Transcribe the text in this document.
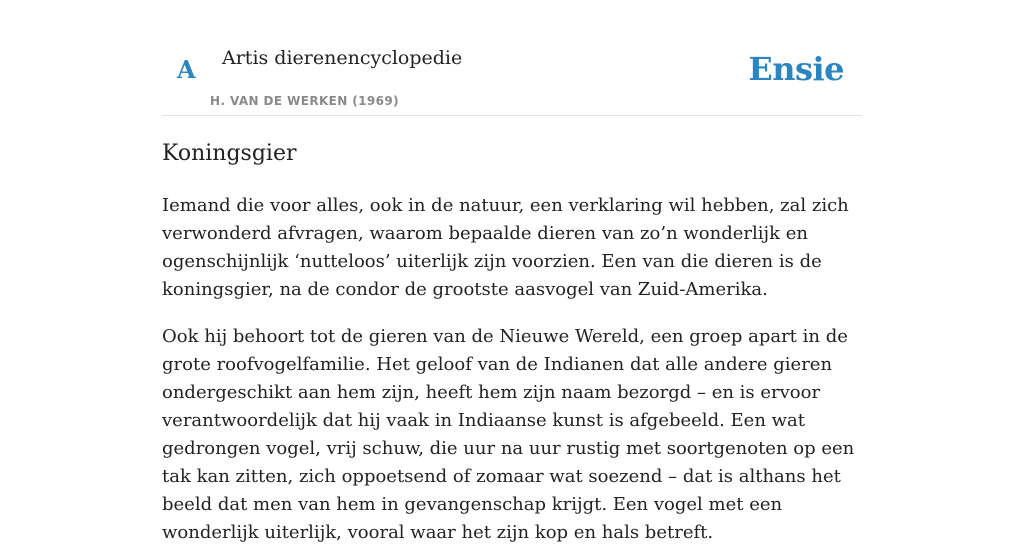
A Artis dierenencyclopedie
H. VAN DE WERKEN (1969)
Ensie
Koningsgier

Iemand die voor alles, ook in de natuur, een verklaring wil hebben, zal zich verwonderd afvragen, waarom bepaalde dieren van zo’n wonderlijk en ogenschijnlijk ‘nutteloos’ uiterlijk zijn voorzien. Een van die dieren is de koningsgier, na de condor de grootste aasvogel van Zuid-Amerika.

Ook hij behoort tot de gieren van de Nieuwe Wereld, een groep apart in de grote roofvogelfamilie. Het geloof van de Indianen dat alle andere gieren ondergeschikt aan hem zijn, heeft hem zijn naam bezorgd – en is ervoor verantwoordelijk dat hij vaak in Indiaanse kunst is afgebeeld. Een wat gedrongen vogel, vrij schuw, die uur na uur rustig met soortgenoten op een tak kan zitten, zich oppoetsend of zomaar wat soezend – dat is althans het beeld dat men van hem in gevangenschap krijgt. Een vogel met een wonderlijk uiterlijk, vooral waar het zijn kop en hals betreft.
